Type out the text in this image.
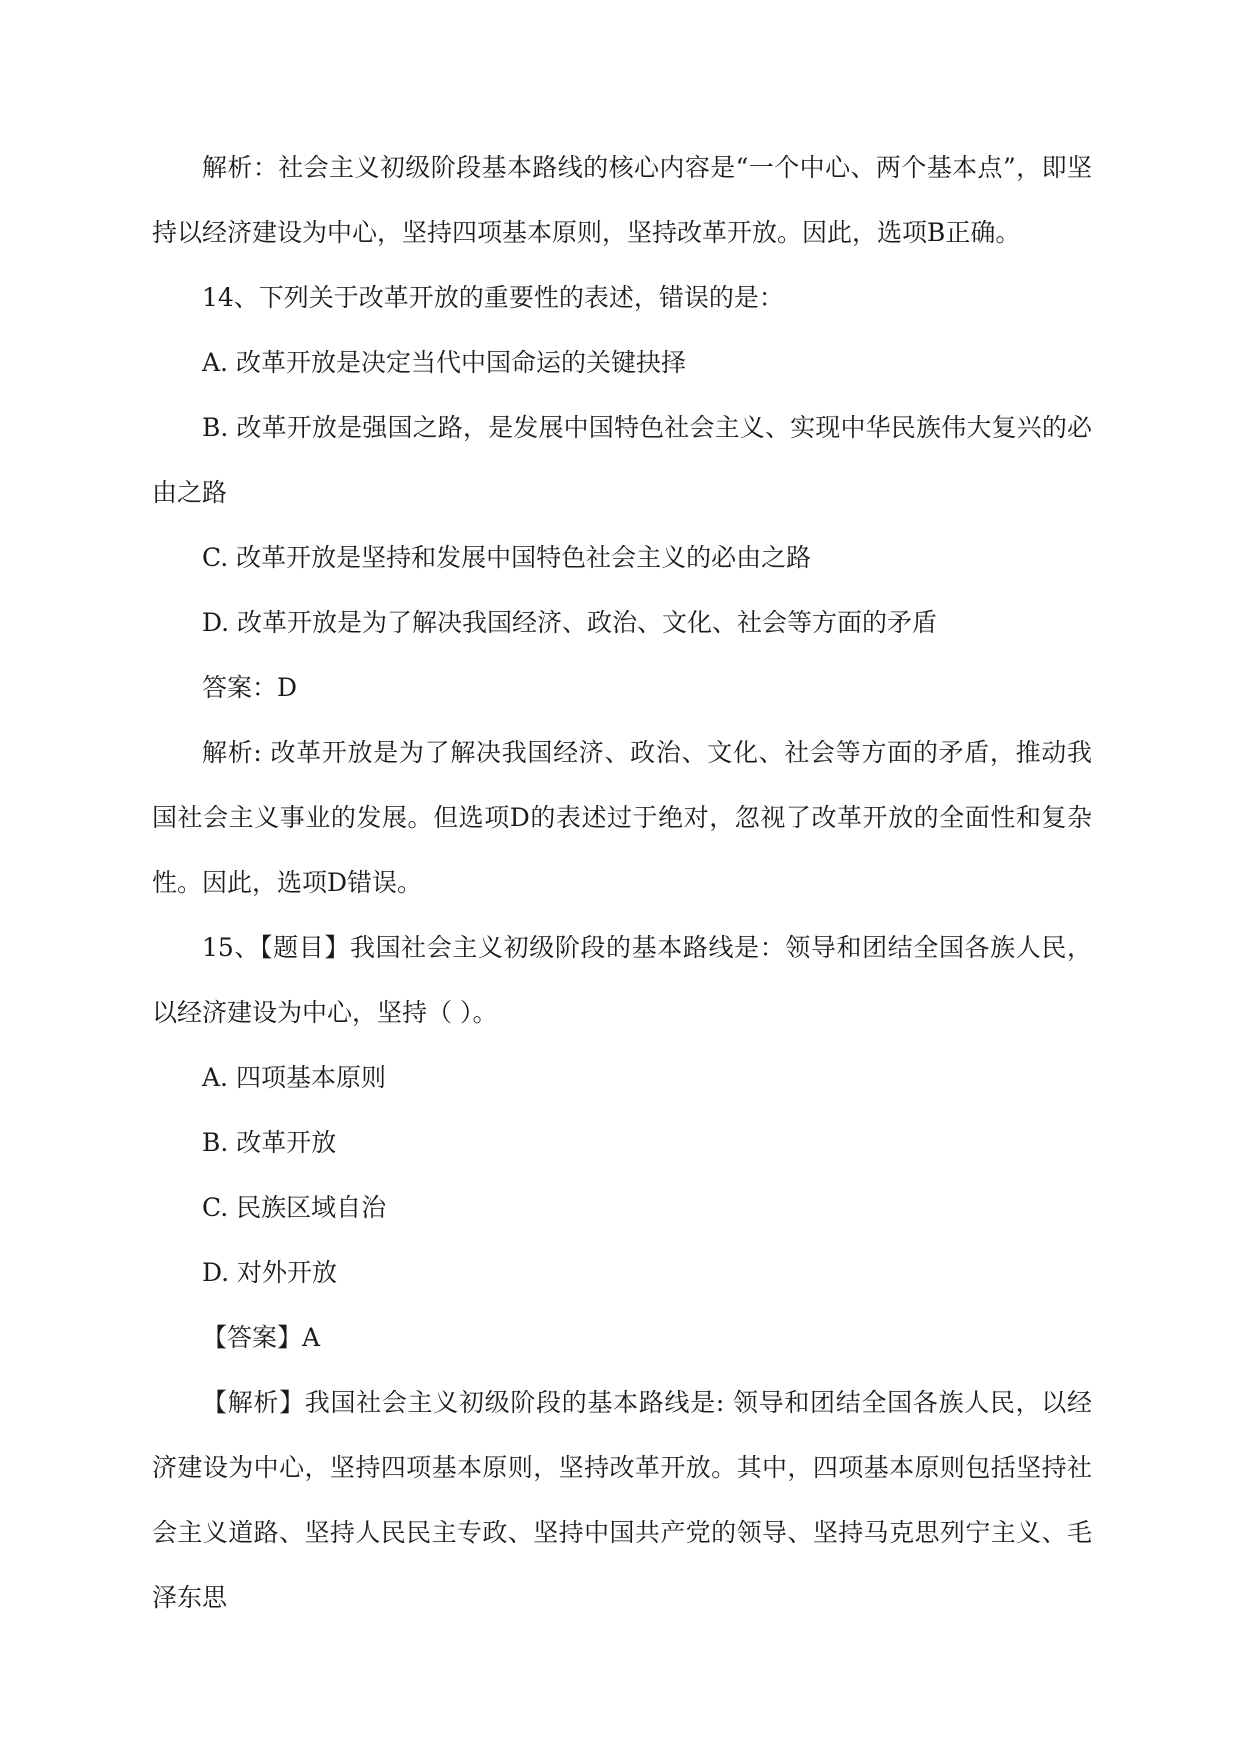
解析：社会主义初级阶段基本路线的核心内容是“一个中心、两个基本点”，即坚持以经济建设为中心，坚持四项基本原则，坚持改革开放。因此，选项B正确。

14、下列关于改革开放的重要性的表述，错误的是：

A. 改革开放是决定当代中国命运的关键抉择

B. 改革开放是强国之路，是发展中国特色社会主义、实现中华民族伟大复兴的必由之路

C. 改革开放是坚持和发展中国特色社会主义的必由之路

D. 改革开放是为了解决我国经济、政治、文化、社会等方面的矛盾

答案：D

解析: 改革开放是为了解决我国经济、政治、文化、社会等方面的矛盾，推动我国社会主义事业的发展。但选项D的表述过于绝对，忽视了改革开放的全面性和复杂性。因此，选项D错误。

15、【题目】我国社会主义初级阶段的基本路线是：领导和团结全国各族人民，以经济建设为中心，坚持（ ）。

A. 四项基本原则

B. 改革开放

C. 民族区域自治

D. 对外开放

【答案】A

【解析】我国社会主义初级阶段的基本路线是: 领导和团结全国各族人民，以经济建设为中心，坚持四项基本原则，坚持改革开放。其中，四项基本原则包括坚持社会主义道路、坚持人民民主专政、坚持中国共产党的领导、坚持马克思列宁主义、毛泽东思
